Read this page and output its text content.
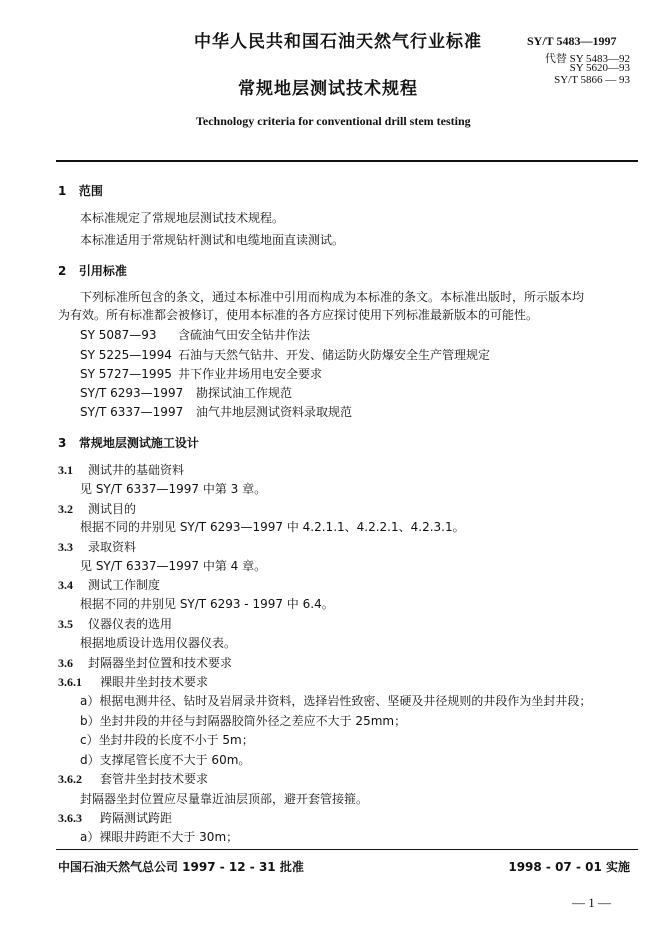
中华人民共和国石油天然气行业标准	SY/T 5483—1997
代替 SY 5483—92
SY 5620—93
SY/T 5866 — 93
常规地层测试技术规程
Technology criteria for conventional drill stem testing
1 范围
本标准规定了常规地层测试技术规程。
本标准适用于常规钻杆测试和电缆地面直读测试。
2 引用标准
下列标准所包含的条文，通过本标准中引用而构成为本标准的条文。本标准出版时，所示版本均
为有效。所有标准都会被修订，使用本标准的各方应探讨使用下列标准最新版本的可能性。
SY 5087—93 含硫油气田安全钻井作法
SY 5225—1994 石油与天然气钻井、开发、储运防火防爆安全生产管理规定
SY 5727—1995 井下作业井场用电安全要求
SY/T 6293—1997 勘探试油工作规范
SY/T 6337—1997 油气井地层测试资料录取规范
3 常规地层测试施工设计
3.1 测试井的基础资料
见 SY/T 6337—1997 中第 3 章。
3.2 测试目的
根据不同的井别见 SY/T 6293—1997 中 4.2.1.1、4.2.2.1、4.2.3.1。
3.3 录取资料
见 SY/T 6337—1997 中第 4 章。
3.4 测试工作制度
根据不同的井别见 SY/T 6293 - 1997 中 6.4。
3.5 仪器仪表的选用
根据地质设计选用仪器仪表。
3.6 封隔器坐封位置和技术要求
3.6.1 裸眼井坐封技术要求
a）根据电测井径、钻时及岩屑录井资料，选择岩性致密、坚硬及井径规则的井段作为坐封井段；
b）坐封井段的井径与封隔器胶筒外径之差应不大于 25mm；
c）坐封井段的长度不小于 5m；
d）支撑尾管长度不大于 60m。
3.6.2 套管井坐封技术要求
封隔器坐封位置应尽量靠近油层顶部，避开套管接箍。
3.6.3 跨隔测试跨距
a）裸眼井跨距不大于 30m；
中国石油天然气总公司 1997 - 12 - 31 批准	1998 - 07 - 01 实施
— 1 —
